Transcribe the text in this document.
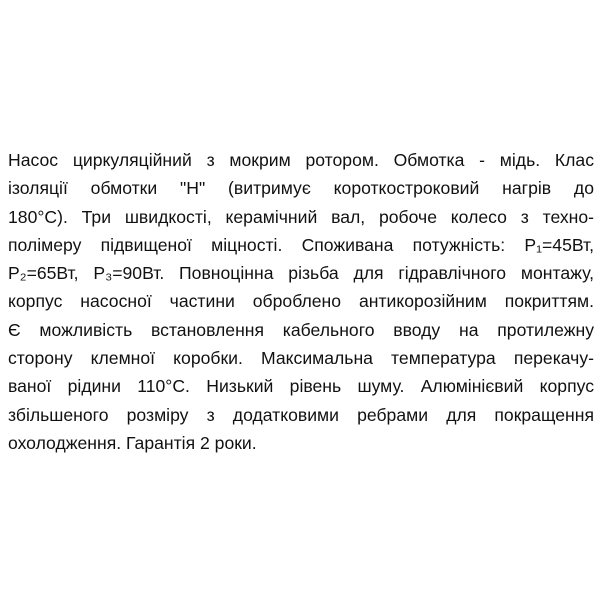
Насос циркуляційний з мокрим ротором. Обмотка - мідь. Клас
ізоляції обмотки "H" (витримує короткостроковий нагрів до
180°С). Три швидкості, керамічний вал, робоче колесо з техно-
полімеру підвищеної міцності. Споживана потужність: P₁=45Вт,
P₂=65Вт, P₃=90Вт. Повноцінна різьба для гідравлічного монтажу,
корпус насосної частини оброблено антикорозійним покриттям.
Є можливість встановлення кабельного вводу на протилежну
сторону клемної коробки. Максимальна температура перекачу-
ваної рідини 110°С. Низький рівень шуму. Алюмінієвий корпус
збільшеного розміру з додатковими ребрами для покращення
охолодження. Гарантія 2 роки.
